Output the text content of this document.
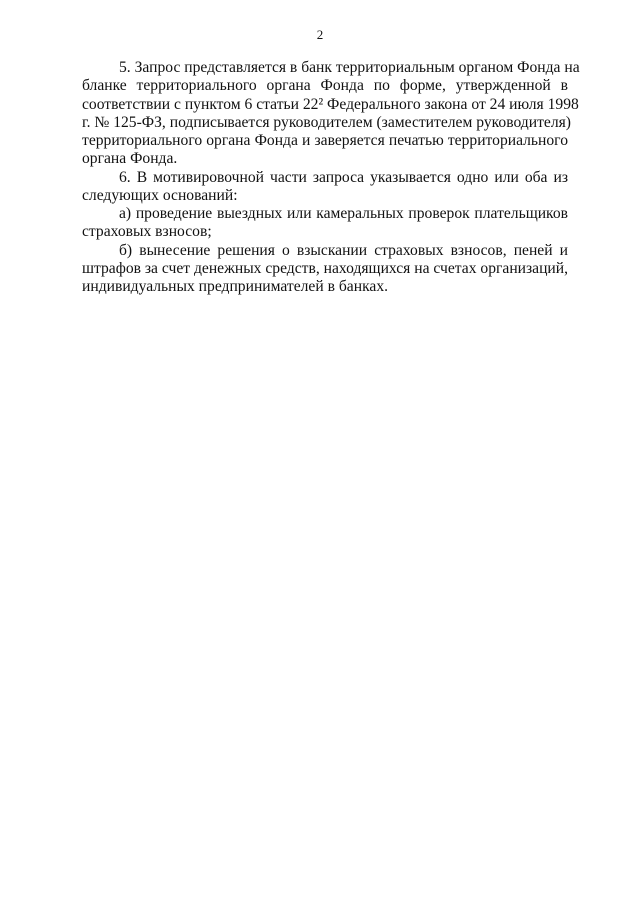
2
5. Запрос представляется в банк территориальным органом Фонда на
бланке территориального органа Фонда по форме, утвержденной в
соответствии с пунктом 6 статьи 22² Федерального закона от 24 июля 1998
г. № 125-ФЗ, подписывается руководителем (заместителем руководителя)
территориального органа Фонда и заверяется печатью территориального
органа Фонда.
6. В мотивировочной части запроса указывается одно или оба из
следующих оснований:
а) проведение выездных или камеральных проверок плательщиков
страховых взносов;
б) вынесение решения о взыскании страховых взносов, пеней и
штрафов за счет денежных средств, находящихся на счетах организаций,
индивидуальных предпринимателей в банках.
